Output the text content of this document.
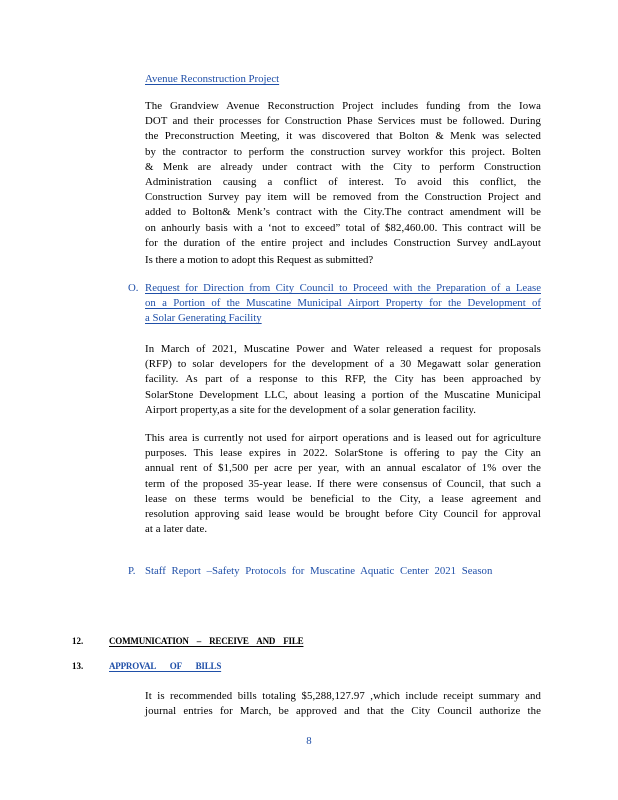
Avenue Reconstruction Project
The Grandview Avenue Reconstruction Project includes funding from the Iowa
DOT and their processes for Construction Phase Services must be followed. During
the Preconstruction Meeting, it was discovered that Bolton & Menk was selected
by the contractor to perform the construction survey workfor this project. Bolten
& Menk are already under contract with the City to perform Construction
Administration causing a conflict of interest. To avoid this conflict, the
Construction Survey pay item will be removed from the Construction Project and
added to Bolton& Menk’s contract with the City.The contract amendment will be
on anhourly basis with a ‘not to exceed” total of $82,460.00. This contract will be
for the duration of the entire project and includes Construction Survey andLayout
Is there a motion to adopt this Request as submitted?
O. Request for Direction from City Council to Proceed with the Preparation of a Lease
on a Portion of the Muscatine Municipal Airport Property for the Development of
a Solar Generating Facility
In March of 2021, Muscatine Power and Water released a request for proposals
(RFP) to solar developers for the development of a 30 Megawatt solar generation
facility. As part of a response to this RFP, the City has been approached by
SolarStone Development LLC, about leasing a portion of the Muscatine Municipal
Airport property,as a site for the development of a solar generation facility.
This area is currently not used for airport operations and is leased out for agriculture
purposes. This lease expires in 2022. SolarStone is offering to pay the City an
annual rent of $1,500 per acre per year, with an annual escalator of 1% over the
term of the proposed 35-year lease. If there were consensus of Council, that such a
lease on these terms would be beneficial to the City, a lease agreement and
resolution approving said lease would be brought before City Council for approval
at a later date.
P. Staff Report –Safety Protocols for Muscatine Aquatic Center 2021 Season
12.	COMMUNICATION – RECEIVE AND FILE
13.	APPROVAL OF BILLS
It is recommended bills totaling $5,288,127.97 ,which include receipt summary and
journal entries for March, be approved and that the City Council authorize the
8
